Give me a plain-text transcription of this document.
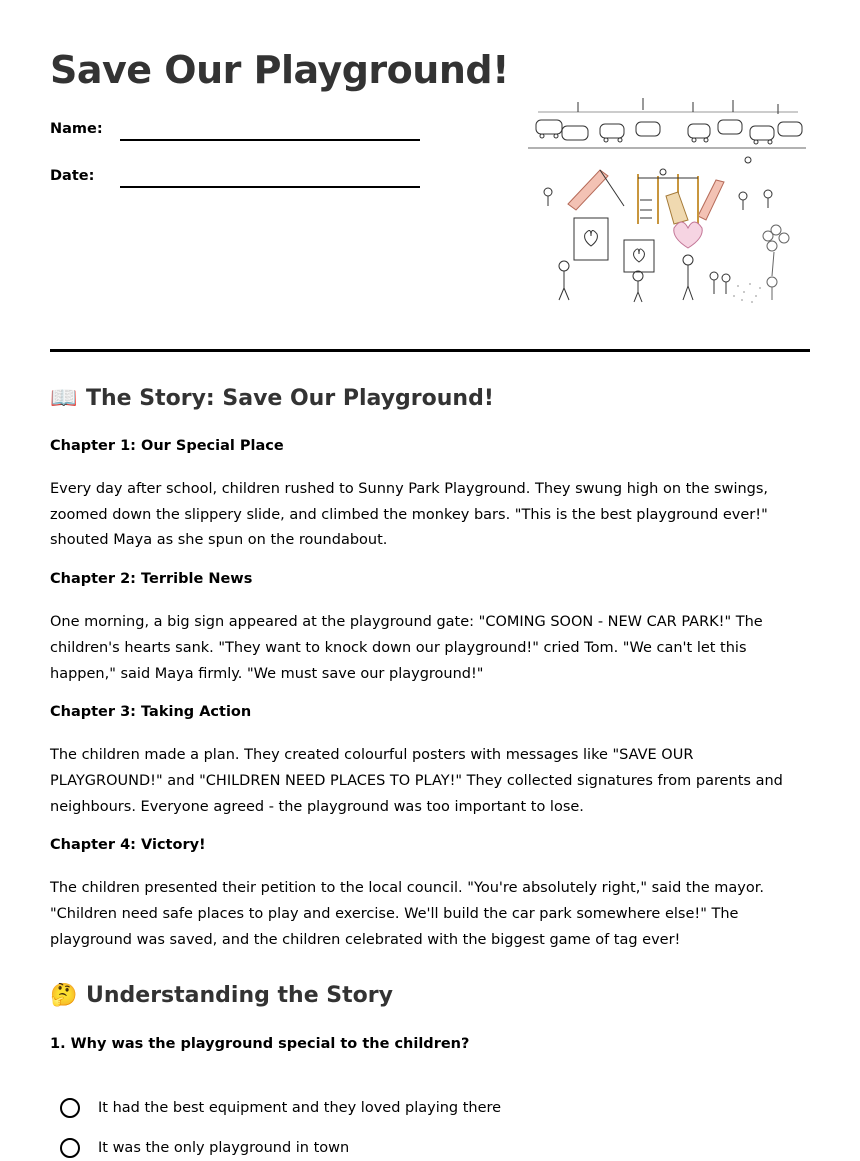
Save Our Playground!
Name:
Date:
📖 The Story: Save Our Playground!
Chapter 1: Our Special Place

Every day after school, children rushed to Sunny Park Playground. They swung high on the swings, zoomed down the slippery slide, and climbed the monkey bars. "This is the best playground ever!" shouted Maya as she spun on the roundabout.

Chapter 2: Terrible News

One morning, a big sign appeared at the playground gate: "COMING SOON - NEW CAR PARK!" The children's hearts sank. "They want to knock down our playground!" cried Tom. "We can't let this happen," said Maya firmly. "We must save our playground!"

Chapter 3: Taking Action

The children made a plan. They created colourful posters with messages like "SAVE OUR PLAYGROUND!" and "CHILDREN NEED PLACES TO PLAY!" They collected signatures from parents and neighbours. Everyone agreed - the playground was too important to lose.

Chapter 4: Victory!

The children presented their petition to the local council. "You're absolutely right," said the mayor. "Children need safe places to play and exercise. We'll build the car park somewhere else!" The playground was saved, and the children celebrated with the biggest game of tag ever!

🤔 Understanding the Story

1. Why was the playground special to the children?

It had the best equipment and they loved playing there
It was the only playground in town
